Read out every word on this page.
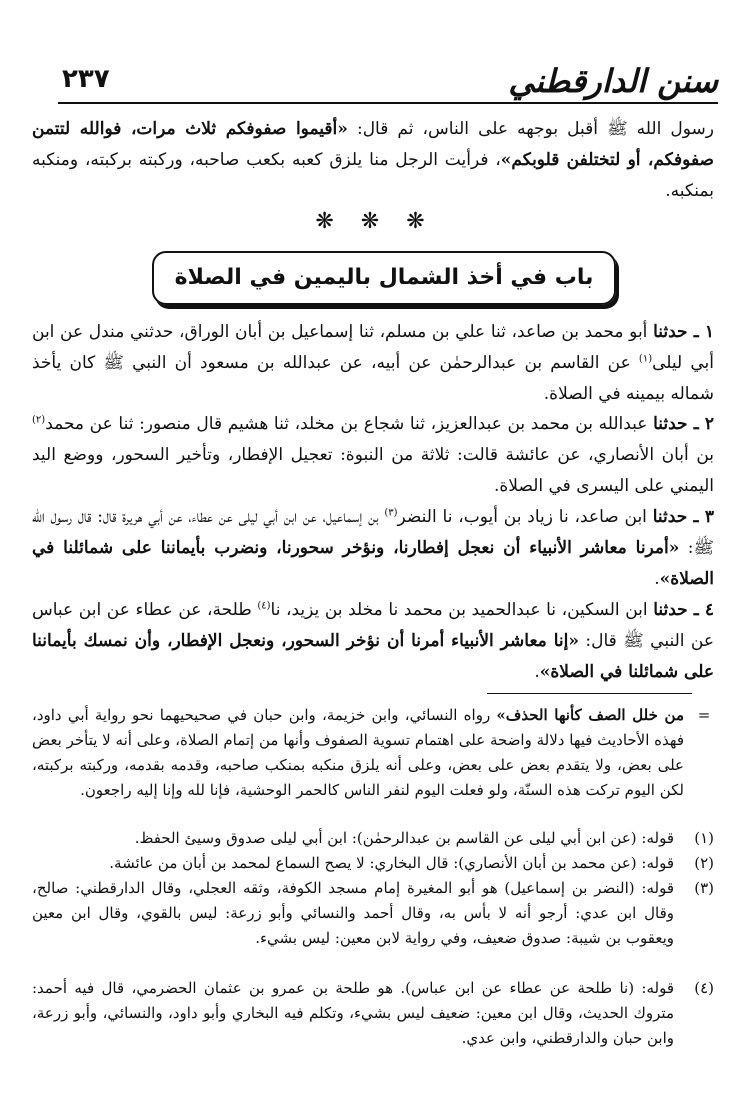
سنن الدارقطني
٢٣٧
رسول الله ﷺ أقبل بوجهه على الناس، ثم قال: «أقيموا صفوفكم ثلاث مرات، فوالله لتتمن صفوفكم، أو لتختلفن قلوبكم»، فرأيت الرجل منا يلزق كعبه بكعب صاحبه، وركبته بركبته، ومنكبه بمنكبه.
❋ ❋ ❋
باب في أخذ الشمال باليمين في الصلاة
١ ـ حدثنا أبو محمد بن صاعد، ثنا علي بن مسلم، ثنا إسماعيل بن أبان الوراق، حدثني مندل عن ابن أبي ليلى$^{(١)}$ عن القاسم بن عبدالرحمٰن عن أبيه، عن عبدالله بن مسعود أن النبي ﷺ كان يأخذ شماله بيمينه في الصلاة.
٢ ـ حدثنا عبدالله بن محمد بن عبدالعزيز، ثنا شجاع بن مخلد، ثنا هشيم قال منصور: ثنا عن محمد$^{(٢)}$ بن أبان الأنصاري، عن عائشة قالت: ثلاثة من النبوة: تعجيل الإفطار، وتأخير السحور، ووضع اليد اليمني على اليسرى في الصلاة.
٣ ـ حدثنا ابن صاعد، نا زياد بن أيوب، نا النضر$^{(٣)}$ بن إسماعيل، عن ابن أبي ليلى عن عطاء، عن أبي هريرة قال: قال رسول الله ﷺ: «أمرنا معاشر الأنبياء أن نعجل إفطارنا، ونؤخر سحورنا، ونضرب بأيماننا على شمائلنا في الصلاة».
٤ ـ حدثنا ابن السكين، نا عبدالحميد بن محمد نا مخلد بن يزيد، نا$^{(٤)}$ طلحة، عن عطاء عن ابن عباس عن النبي ﷺ قال: «إنا معاشر الأنبياء أمرنا أن نؤخر السحور، ونعجل الإفطار، وأن نمسك بأيماننا على شمائلنا في الصلاة».
=
من خلل الصف كأنها الحذف» رواه النسائي، وابن خزيمة، وابن حبان في صحيحيهما نحو رواية أبي داود، فهذه الأحاديث فيها دلالة واضحة على اهتمام تسوية الصفوف وأنها من إتمام الصلاة، وعلى أنه لا يتأخر بعض على بعض، ولا يتقدم بعض على بعض، وعلى أنه يلزق منكبه بمنكب صاحبه، وقدمه بقدمه، وركبته بركبته، لكن اليوم تركت هذه السنّة، ولو فعلت اليوم لنفر الناس كالحمر الوحشية، فإنا لله وإنا إليه راجعون.
(١)
قوله: (عن ابن أبي ليلى عن القاسم بن عبدالرحمٰن): ابن أبي ليلى صدوق وسيئ الحفظ.
(٢)
قوله: (عن محمد بن أبان الأنصاري): قال البخاري: لا يصح السماع لمحمد بن أبان من عائشة.
(٣)
قوله: (النضر بن إسماعيل) هو أبو المغيرة إمام مسجد الكوفة، وثقه العجلي، وقال الدارقطني: صالح، وقال ابن عدي: أرجو أنه لا بأس به، وقال أحمد والنسائي وأبو زرعة: ليس بالقوي، وقال ابن معين ويعقوب بن شيبة: صدوق ضعيف، وفي رواية لابن معين: ليس بشيء.
(٤)
قوله: (نا طلحة عن عطاء عن ابن عباس). هو طلحة بن عمرو بن عثمان الحضرمي، قال فيه أحمد: متروك الحديث، وقال ابن معين: ضعيف ليس بشيء، وتكلم فيه البخاري وأبو داود، والنسائي، وأبو زرعة، وابن حبان والدارقطني، وابن عدي.
